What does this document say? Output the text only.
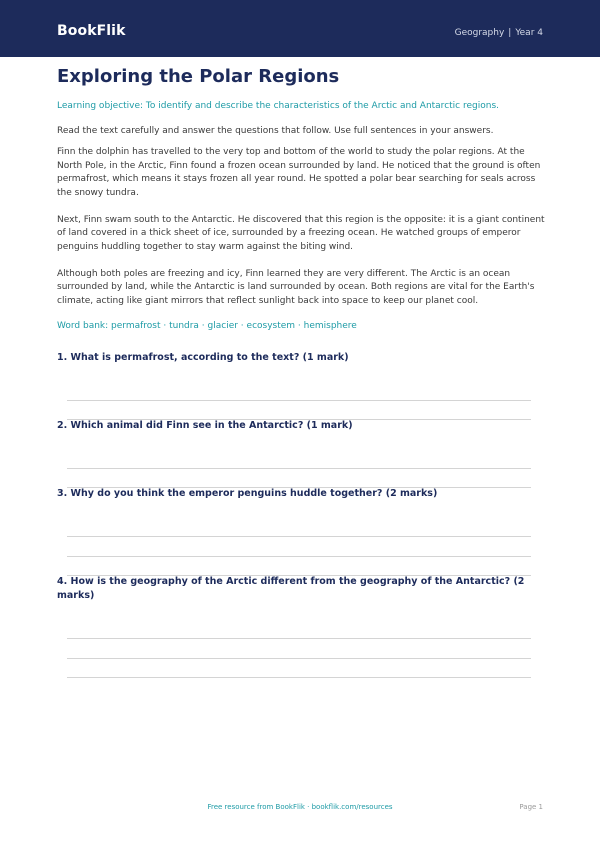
BookFlik	Geography | Year 4
Exploring the Polar Regions
Learning objective: To identify and describe the characteristics of the Arctic and Antarctic regions.
Read the text carefully and answer the questions that follow. Use full sentences in your answers.

Finn the dolphin has travelled to the very top and bottom of the world to study the polar regions. At the North Pole, in the Arctic, Finn found a frozen ocean surrounded by land. He noticed that the ground is often permafrost, which means it stays frozen all year round. He spotted a polar bear searching for seals across the snowy tundra.

Next, Finn swam south to the Antarctic. He discovered that this region is the opposite: it is a giant continent of land covered in a thick sheet of ice, surrounded by a freezing ocean. He watched groups of emperor penguins huddling together to stay warm against the biting wind.

Although both poles are freezing and icy, Finn learned they are very different. The Arctic is an ocean surrounded by land, while the Antarctic is land surrounded by ocean. Both regions are vital for the Earth's climate, acting like giant mirrors that reflect sunlight back into space to keep our planet cool.

Word bank: permafrost · tundra · glacier · ecosystem · hemisphere
1. What is permafrost, according to the text? (1 mark)
2. Which animal did Finn see in the Antarctic? (1 mark)
3. Why do you think the emperor penguins huddle together? (2 marks)
4. How is the geography of the Arctic different from the geography of the Antarctic? (2 marks)
Free resource from BookFlik · bookflik.com/resources	Page 1
